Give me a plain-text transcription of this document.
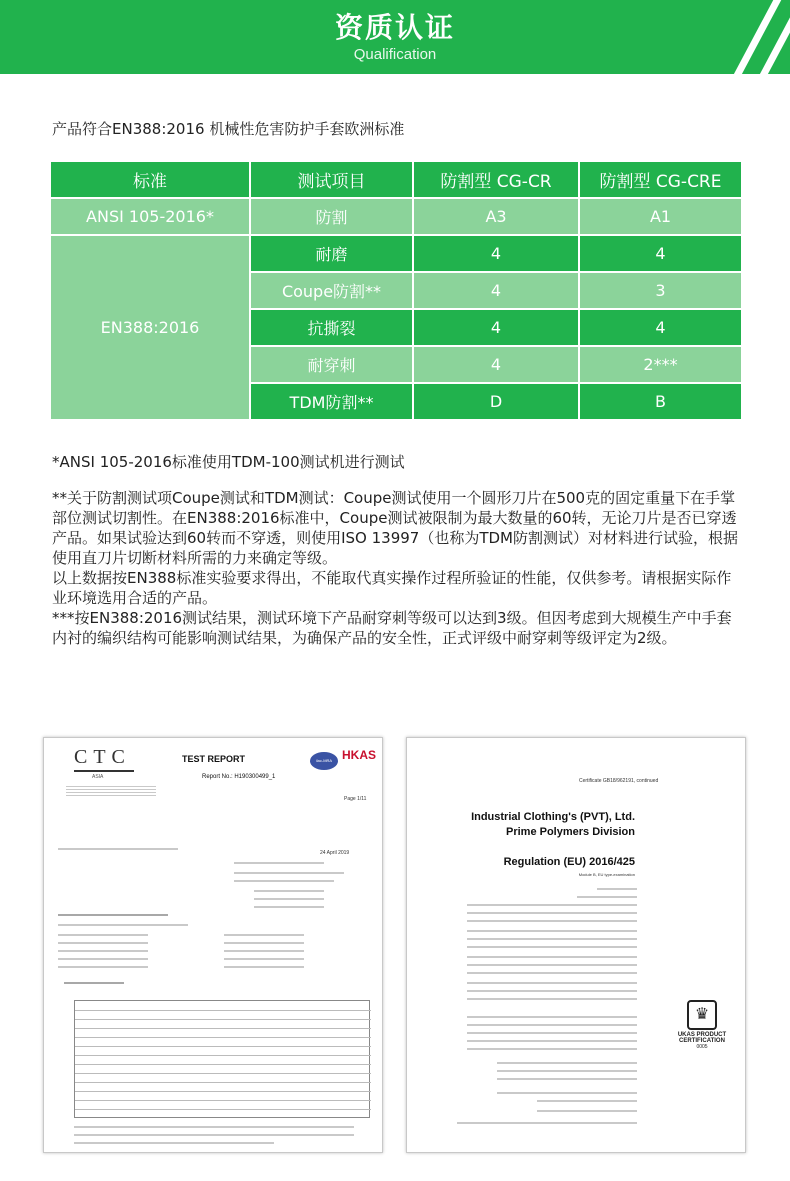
资质认证
Qualification
产品符合EN388:2016 机械性危害防护手套欧洲标准
标准	测试项目	防割型 CG-CR	防割型 CG-CRE
ANSI 105-2016*	防割	A3	A1
EN388:2016	耐磨	4	4
	Coupe防割**	4	3
	抗撕裂	4	4
	耐穿刺	4	2***
	TDM防割**	D	B
*ANSI 105-2016标准使用TDM-100测试机进行测试

**关于防割测试项Coupe测试和TDM测试：Coupe测试使用一个圆形刀片在500克的固定重量下在手掌部位测试切割性。在EN388:2016标准中，Coupe测试被限制为最大数量的60转，无论刀片是否已穿透产品。如果试验达到60转而不穿透，则使用ISO 13997（也称为TDM防割测试）对材料进行试验，根据使用直刀片切断材料所需的力来确定等级。

以上数据按EN388标准实验要求得出，不能取代真实操作过程所验证的性能，仅供参考。请根据实际作业环境选用合适的产品。

***按EN388:2016测试结果，测试环境下产品耐穿刺等级可以达到3级。但因考虑到大规模生产中手套内衬的编织结构可能影响测试结果，为确保产品的安全性，正式评级中耐穿刺等级评定为2级。

CTC
ASIA
TEST REPORT
Report No.: H190300499_1
ilac-MRA HKAS
Page 1/11
24 April 2019
Certificate GB18/962191, continued
Industrial Clothing's (PVT), Ltd. Prime Polymers Division
Regulation (EU) 2016/425
Module B, EU type-examination
♛
UKAS PRODUCT CERTIFICATION
0005
